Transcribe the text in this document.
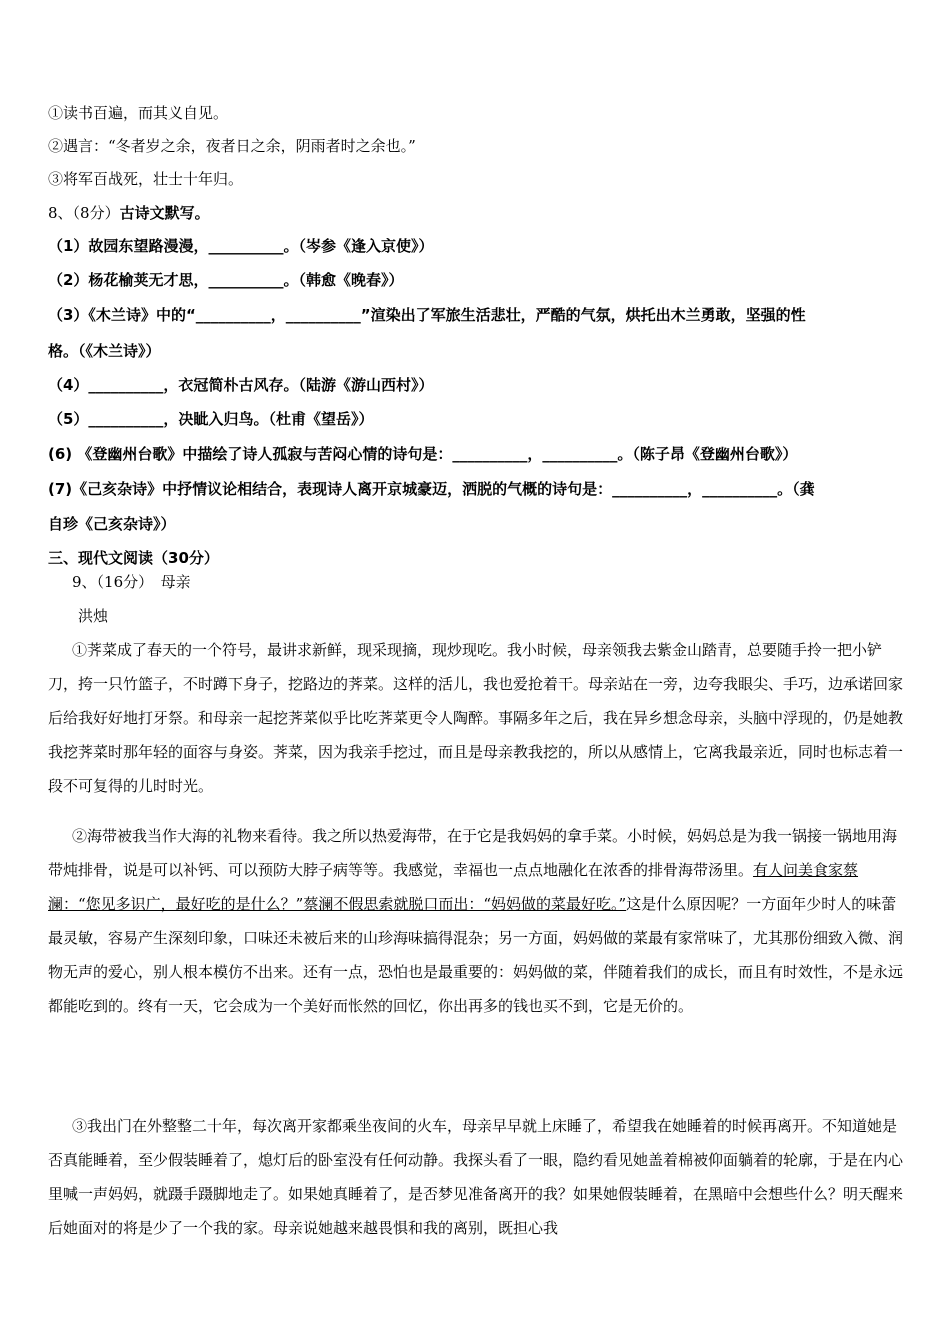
①读书百遍，而其义自见。
②遇言：“冬者岁之余，夜者日之余，阴雨者时之余也。”
③将军百战死，壮士十年归。
8、（8分）古诗文默写。
（1）故园东望路漫漫，__________。（岑参《逢入京使》）
（2）杨花榆荚无才思，__________。（韩愈《晚春》）
（3）《木兰诗》中的“__________，__________”渲染出了军旅生活悲壮，严酷的气氛，烘托出木兰勇敢，坚强的性
格。（《木兰诗》）
（4）__________，衣冠简朴古风存。（陆游《游山西村》）
（5）__________，决眦入归鸟。（杜甫《望岳》）
(6) 《登幽州台歌》中描绘了诗人孤寂与苦闷心情的诗句是：__________，__________。（陈子昂《登幽州台歌》）
(7)《己亥杂诗》中抒情议论相结合，表现诗人离开京城豪迈，洒脱的气概的诗句是：__________，__________。（龚
自珍《己亥杂诗》）
三、现代文阅读（30分）
9、（16分）　母亲
洪烛
①荠菜成了春天的一个符号，最讲求新鲜，现采现摘，现炒现吃。我小时候，母亲领我去紫金山踏青，总要随手拎一把小铲刀，挎一只竹篮子，不时蹲下身子，挖路边的荠菜。这样的活儿，我也爱抢着干。母亲站在一旁，边夸我眼尖、手巧，边承诺回家后给我好好地打牙祭。和母亲一起挖荠菜似乎比吃荠菜更令人陶醉。事隔多年之后，我在异乡想念母亲，头脑中浮现的，仍是她教我挖荠菜时那年轻的面容与身姿。荠菜，因为我亲手挖过，而且是母亲教我挖的，所以从感情上，它离我最亲近，同时也标志着一段不可复得的儿时时光。
②海带被我当作大海的礼物来看待。我之所以热爱海带，在于它是我妈妈的拿手菜。小时候，妈妈总是为我一锅接一锅地用海带炖排骨，说是可以补钙、可以预防大脖子病等等。我感觉，幸福也一点点地融化在浓香的排骨海带汤里。有人问美食家蔡澜：“您见多识广，最好吃的是什么？”蔡澜不假思索就脱口而出：“妈妈做的菜最好吃。”这是什么原因呢？一方面年少时人的味蕾最灵敏，容易产生深刻印象，口味还未被后来的山珍海味搞得混杂；另一方面，妈妈做的菜最有家常味了，尤其那份细致入微、润物无声的爱心，别人根本模仿不出来。还有一点，恐怕也是最重要的：妈妈做的菜，伴随着我们的成长，而且有时效性，不是永远都能吃到的。终有一天，它会成为一个美好而怅然的回忆，你出再多的钱也买不到，它是无价的。
③我出门在外整整二十年，每次离开家都乘坐夜间的火车，母亲早早就上床睡了，希望我在她睡着的时候再离开。不知道她是否真能睡着，至少假装睡着了，熄灯后的卧室没有任何动静。我探头看了一眼，隐约看见她盖着棉被仰面躺着的轮廓，于是在内心里喊一声妈妈，就蹑手蹑脚地走了。如果她真睡着了，是否梦见准备离开的我？如果她假装睡着，在黑暗中会想些什么？明天醒来后她面对的将是少了一个我的家。母亲说她越来越畏惧和我的离别，既担心我
